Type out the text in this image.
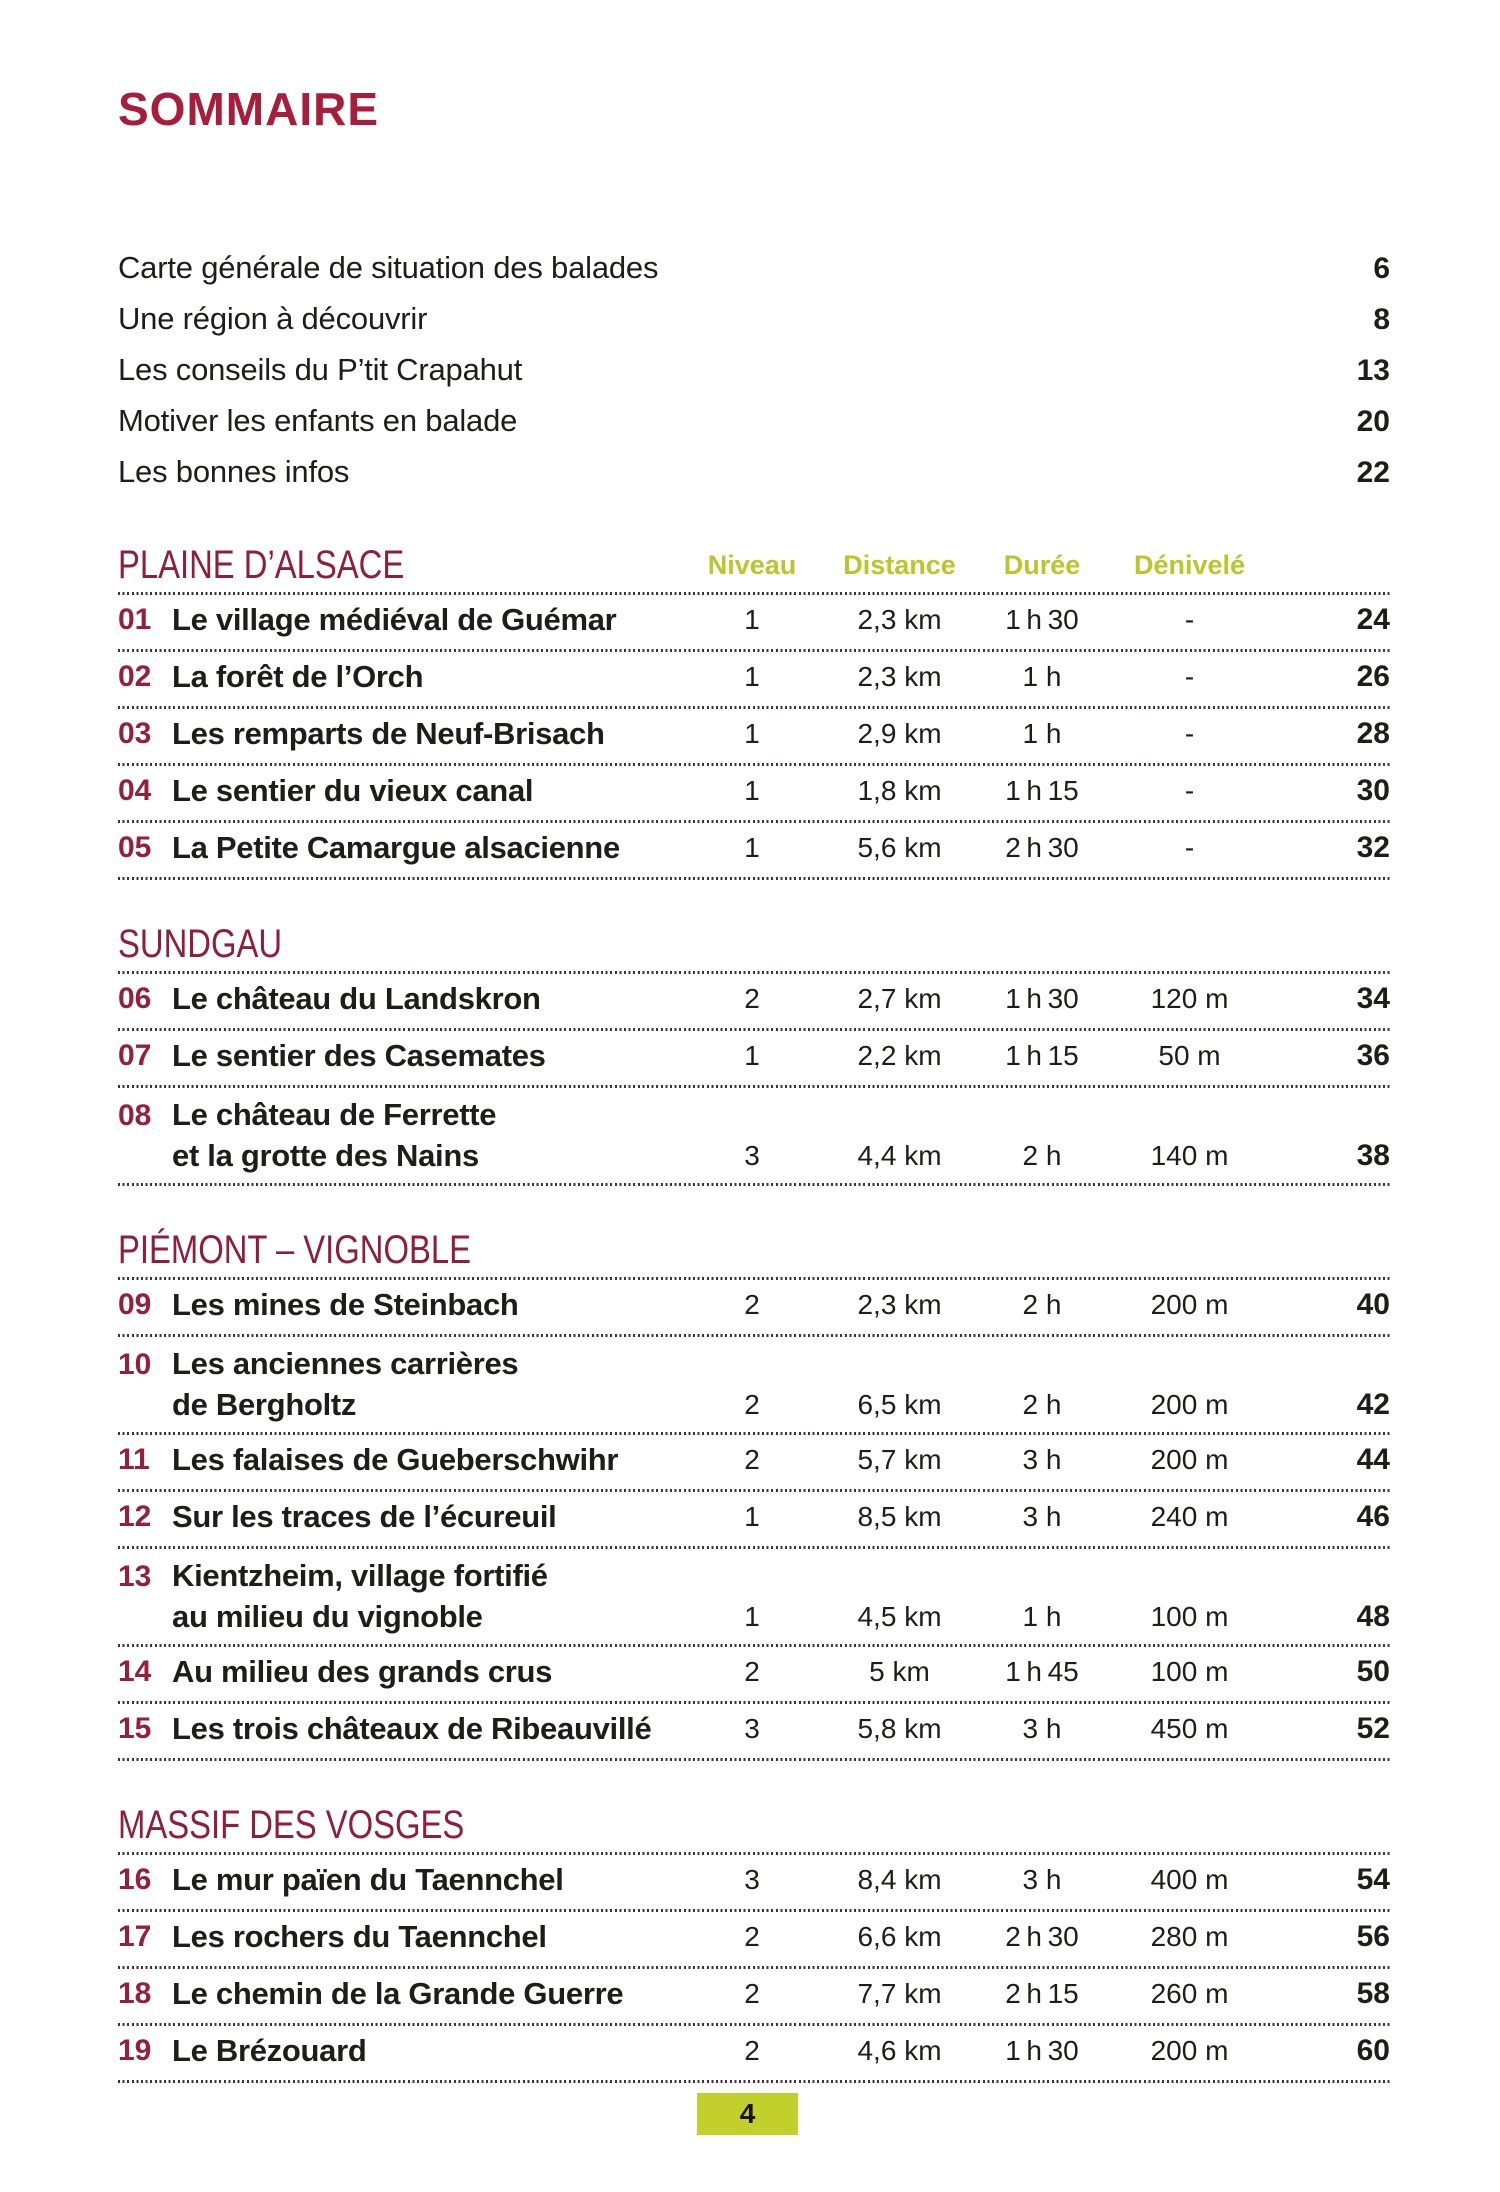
SOMMAIRE
Carte générale de situation des balades	6
Une région à découvrir	8
Les conseils du P’tit Crapahut	13
Motiver les enfants en balade	20
Les bonnes infos	22
PLAINE D’ALSACE	Niveau	Distance	Durée	Dénivelé
01 Le village médiéval de Guémar	1	2,3 km	1 h 30	-	24
02 La forêt de l’Orch	1	2,3 km	1 h	-	26
03 Les remparts de Neuf-Brisach	1	2,9 km	1 h	-	28
04 Le sentier du vieux canal	1	1,8 km	1 h 15	-	30
05 La Petite Camargue alsacienne	1	5,6 km	2 h 30	-	32
SUNDGAU
06 Le château du Landskron	2	2,7 km	1 h 30	120 m	34
07 Le sentier des Casemates	1	2,2 km	1 h 15	50 m	36
08 Le château de Ferrette
et la grotte des Nains	3	4,4 km	2 h	140 m	38
PIÉMONT – VIGNOBLE
09 Les mines de Steinbach	2	2,3 km	2 h	200 m	40
10 Les anciennes carrières
de Bergholtz	2	6,5 km	2 h	200 m	42
11 Les falaises de Gueberschwihr	2	5,7 km	3 h	200 m	44
12 Sur les traces de l’écureuil	1	8,5 km	3 h	240 m	46
13 Kientzheim, village fortifié
au milieu du vignoble	1	4,5 km	1 h	100 m	48
14 Au milieu des grands crus	2	5 km	1 h 45	100 m	50
15 Les trois châteaux de Ribeauvillé	3	5,8 km	3 h	450 m	52
MASSIF DES VOSGES
16 Le mur païen du Taennchel	3	8,4 km	3 h	400 m	54
17 Les rochers du Taennchel	2	6,6 km	2 h 30	280 m	56
18 Le chemin de la Grande Guerre	2	7,7 km	2 h 15	260 m	58
19 Le Brézouard	2	4,6 km	1 h 30	200 m	60
4
